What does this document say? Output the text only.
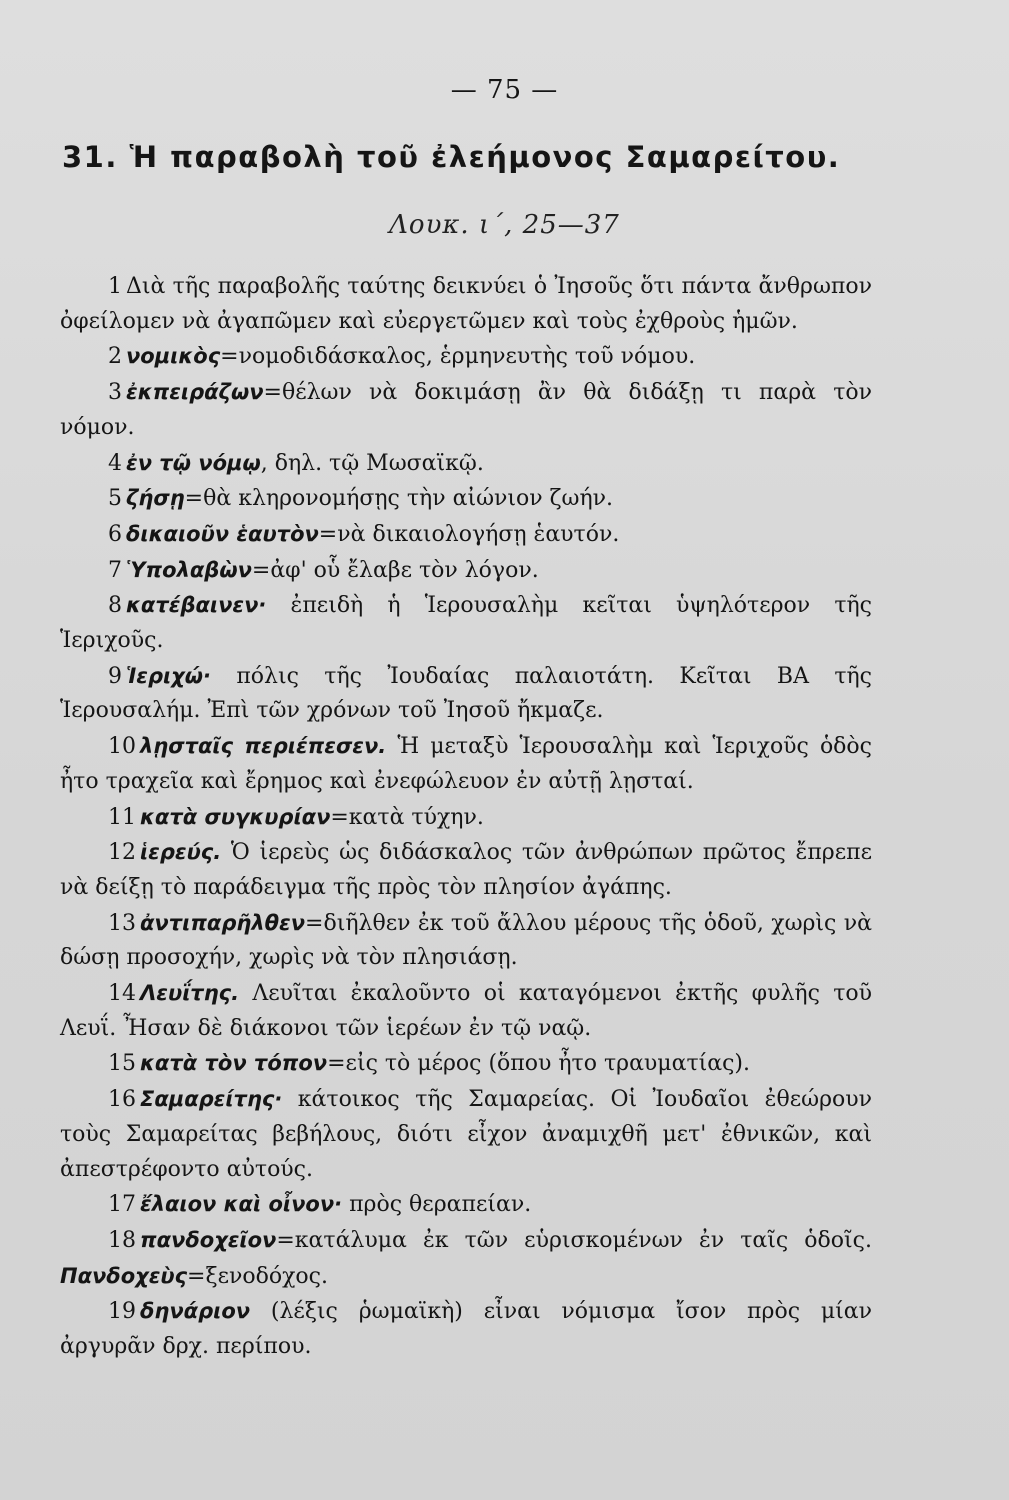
— 75 —
31. Ἡ παραβολὴ τοῦ ἐλεήμονος Σαμαρείτου.
Λουκ. ι΄, 25—37

1 Διὰ τῆς παραβολῆς ταύτης δεικνύει ὁ Ἰησοῦς ὅτι πάντα ἄνθρωπον ὀφείλομεν νὰ ἀγαπῶμεν καὶ εὐεργετῶμεν καὶ τοὺς ἐχθροὺς ἡμῶν.

2 νομικὸς=νομοδιδάσκαλος, ἑρμηνευτὴς τοῦ νόμου.

3 ἐκπειράζων=θέλων νὰ δοκιμάσῃ ἂν θὰ διδάξῃ τι παρὰ τὸν νόμον.

4 ἐν τῷ νόμῳ, δηλ. τῷ Μωσαϊκῷ.

5 ζήσῃ=θὰ κληρονομήσῃς τὴν αἰώνιον ζωήν.

6 δικαιοῦν ἑαυτὸν=νὰ δικαιολογήσῃ ἑαυτόν.

7 Ὑπολαβὼν=ἀφ' οὗ ἔλαβε τὸν λόγον.

8 κατέβαινεν· ἐπειδὴ ἡ Ἱερουσαλὴμ κεῖται ὑψηλότερον τῆς Ἱεριχοῦς.

9 Ἱεριχώ· πόλις τῆς Ἰουδαίας παλαιοτάτη. Κεῖται ΒΑ τῆς Ἱερουσαλήμ. Ἐπὶ τῶν χρόνων τοῦ Ἰησοῦ ἤκμαζε.

10 λῃσταῖς περιέπεσεν. Ἡ μεταξὺ Ἱερουσαλὴμ καὶ Ἱεριχοῦς ὁδὸς ἦτο τραχεῖα καὶ ἔρημος καὶ ἐνεφώλευον ἐν αὐτῇ λῃσταί.

11 κατὰ συγκυρίαν=κατὰ τύχην.

12 ἱερεύς. Ὁ ἱερεὺς ὡς διδάσκαλος τῶν ἀνθρώπων πρῶτος ἔπρεπε νὰ δείξῃ τὸ παράδειγμα τῆς πρὸς τὸν πλησίον ἀγάπης.

13 ἀντιπαρῆλθεν=διῆλθεν ἐκ τοῦ ἄλλου μέρους τῆς ὁδοῦ, χωρὶς νὰ δώσῃ προσοχήν, χωρὶς νὰ τὸν πλησιάσῃ.

14 Λευΐτης. Λευῖται ἐκαλοῦντο οἱ καταγόμενοι ἐκτῆς φυλῆς τοῦ Λευΐ. Ἦσαν δὲ διάκονοι τῶν ἱερέων ἐν τῷ ναῷ.

15 κατὰ τὸν τόπον=εἰς τὸ μέρος (ὅπου ἦτο τραυματίας).

16 Σαμαρείτης· κάτοικος τῆς Σαμαρείας. Οἱ Ἰουδαῖοι ἐθεώρουν τοὺς Σαμαρείτας βεβήλους, διότι εἶχον ἀναμιχθῆ μετ' ἐθνικῶν, καὶ ἀπεστρέφοντο αὐτούς.

17 ἔλαιον καὶ οἶνον· πρὸς θεραπείαν.

18 πανδοχεῖον=κατάλυμα ἐκ τῶν εὑρισκομένων ἐν ταῖς ὁδοῖς. Πανδοχεὺς=ξενοδόχος.

19 δηνάριον (λέξις ῥωμαϊκὴ) εἶναι νόμισμα ἴσον πρὸς μίαν ἀργυρᾶν δρχ. περίπου.
